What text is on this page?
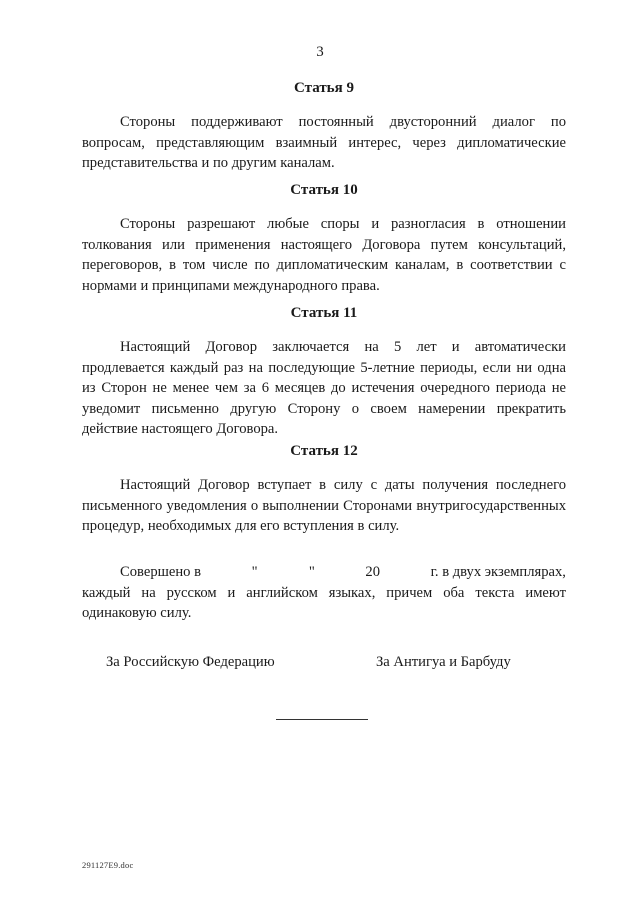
3
Статья 9

Стороны поддерживают постоянный двусторонний диалог по вопросам, представляющим взаимный интерес, через дипломатические представительства и по другим каналам.

Статья 10

Стороны разрешают любые споры и разногласия в отношении толкования или применения настоящего Договора путем консультаций, переговоров, в том числе по дипломатическим каналам, в соответствии с нормами и принципами международного права.

Статья 11

Настоящий Договор заключается на 5 лет и автоматически продлевается каждый раз на последующие 5-летние периоды, если ни одна из Сторон не менее чем за 6 месяцев до истечения очередного периода не уведомит письменно другую Сторону о своем намерении прекратить действие настоящего Договора.

Статья 12

Настоящий Договор вступает в силу с даты получения последнего письменного уведомления о выполнении Сторонами внутригосударственных процедур, необходимых для его вступления в силу.

Совершено в	"	"	20	г. в двух экземплярах,

каждый на русском и английском языках, причем оба текста имеют одинаковую силу.

За Российскую Федерацию	За Антигуа и Барбуду
291127E9.doc
